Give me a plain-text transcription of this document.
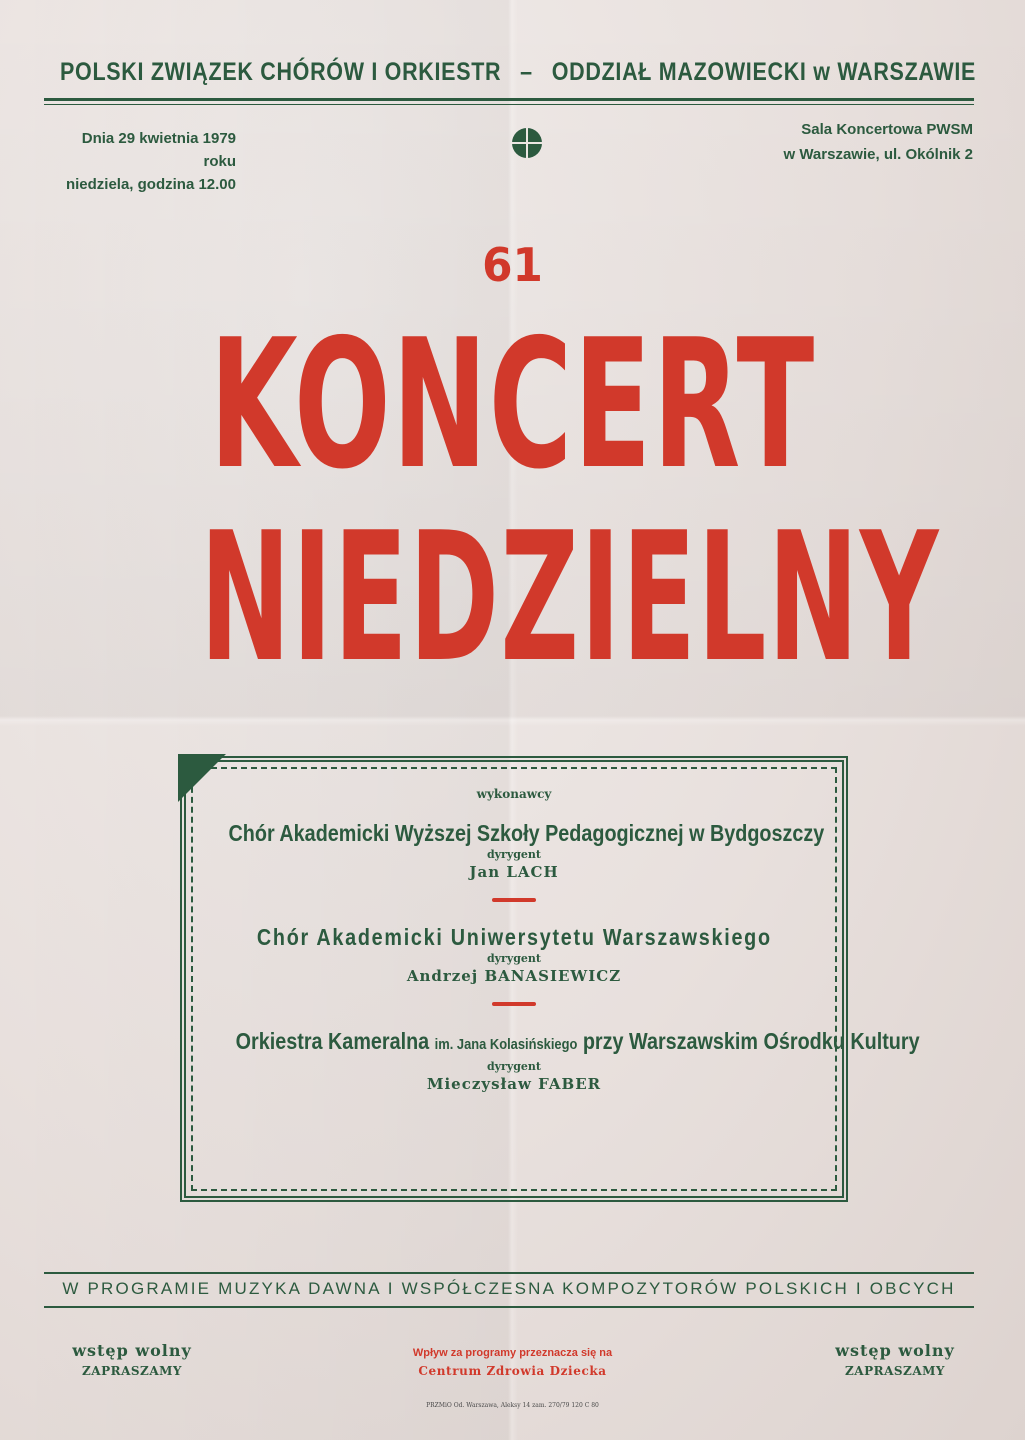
POLSKI ZWIĄZEK CHÓRÓW I ORKIESTR – ODDZIAŁ MAZOWIECKI w WARSZAWIE
Dnia 29 kwietnia 1979 roku
niedziela, godzina 12.00
Sala Koncertowa PWSM
w Warszawie, ul. Okólnik 2
61
KONCERT
NIEDZIELNY
wykonawcy
Chór Akademicki Wyższej Szkoły Pedagogicznej w Bydgoszczy
dyrygent
Jan LACH
Chór Akademicki Uniwersytetu Warszawskiego
dyrygent
Andrzej BANASIEWICZ
Orkiestra Kameralna im. Jana Kolasińskiego przy Warszawskim Ośrodku Kultury
dyrygent
Mieczysław FABER
W PROGRAMIE MUZYKA DAWNA I WSPÓŁCZESNA KOMPOZYTORÓW POLSKICH I OBCYCH
wstęp wolny
ZAPRASZAMY
Wpływ za programy przeznacza się na
Centrum Zdrowia Dziecka
wstęp wolny
ZAPRASZAMY
PRZMiO Od. Warszawa, Aleksy 14 zam. 270/79 120 C 80
